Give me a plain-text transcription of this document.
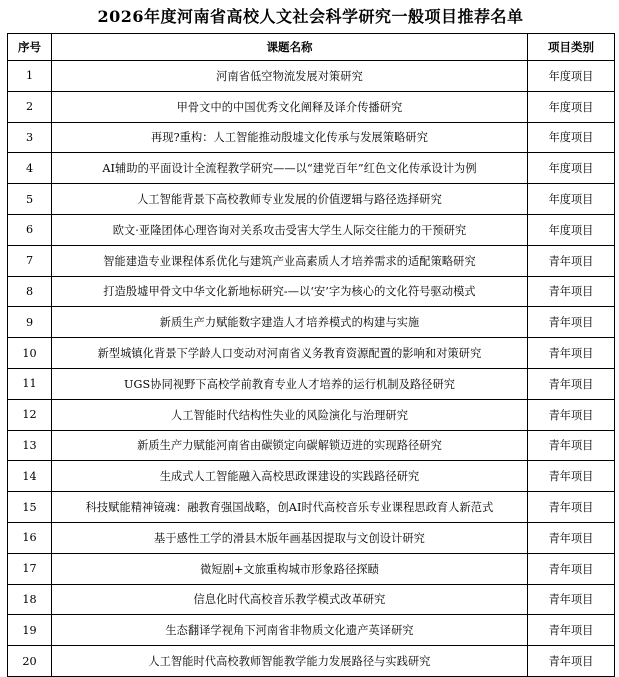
2026年度河南省高校人文社会科学研究一般项目推荐名单
序号	课题名称	项目类别
1	河南省低空物流发展对策研究	年度项目
2	甲骨文中的中国优秀文化阐释及译介传播研究	年度项目
3	再现?重构：人工智能推动殷墟文化传承与发展策略研究	年度项目
4	AI辅助的平面设计全流程教学研究——以“建党百年”红色文化传承设计为例	年度项目
5	人工智能背景下高校教师专业发展的价值逻辑与路径选择研究	年度项目
6	欧文·亚隆团体心理咨询对关系攻击受害大学生人际交往能力的干预研究	年度项目
7	智能建造专业课程体系优化与建筑产业高素质人才培养需求的适配策略研究	青年项目
8	打造殷墟甲骨文中华文化新地标研究-—以‘安’字为核心的文化符号驱动模式	青年项目
9	新质生产力赋能数字建造人才培养模式的构建与实施	青年项目
10	新型城镇化背景下学龄人口变动对河南省义务教育资源配置的影响和对策研究	青年项目
11	UGS协同视野下高校学前教育专业人才培养的运行机制及路径研究	青年项目
12	人工智能时代结构性失业的风险演化与治理研究	青年项目
13	新质生产力赋能河南省由碳锁定向碳解锁迈进的实现路径研究	青年项目
14	生成式人工智能融入高校思政课建设的实践路径研究	青年项目
15	科技赋能精神镜魂：融教育强国战略，创AI时代高校音乐专业课程思政育人新范式	青年项目
16	基于感性工学的滑县木版年画基因提取与文创设计研究	青年项目
17	微短剧+文旅重构城市形象路径探赜	青年项目
18	信息化时代高校音乐教学模式改革研究	青年项目
19	生态翻译学视角下河南省非物质文化遗产英译研究	青年项目
20	人工智能时代高校教师智能教学能力发展路径与实践研究	青年项目
